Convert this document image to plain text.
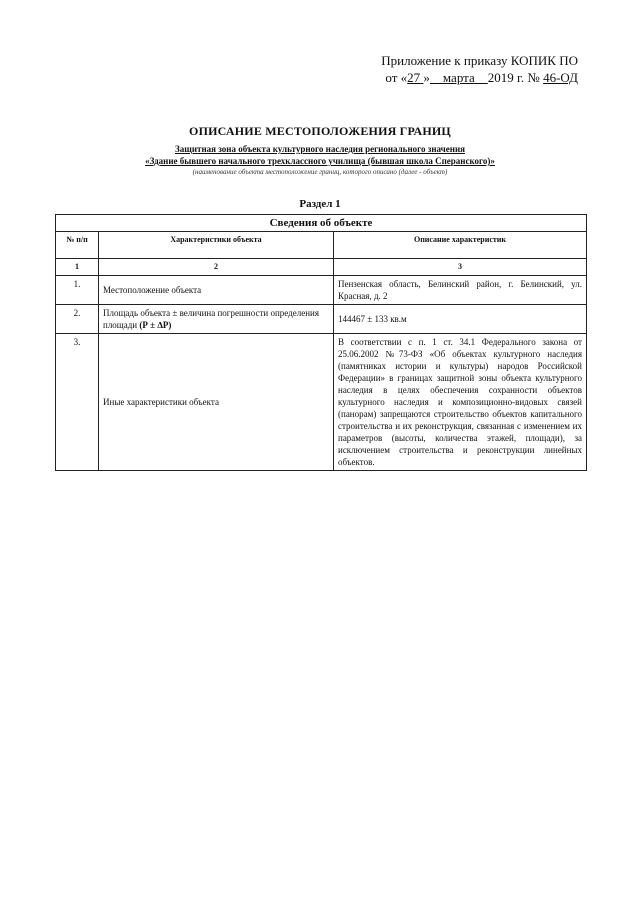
Приложение к приказу КОПИК ПО
от «27 » марта 2019 г. № 46-ОД
ОПИСАНИЕ МЕСТОПОЛОЖЕНИЯ ГРАНИЦ
Защитная зона объекта культурного наследия регионального значения
«Здание бывшего начального трехклассного училища (бывшая школа Сперанского)»
(наименование объекта местоположение границ, которого описано (далее - объект)
Раздел 1
Сведения об объекте		
№ п/п	Характеристики объекта	Описание характеристик
1	2	3
1.	Местоположение объекта	Пензенская область, Белинский район, г. Белинский, ул. Красная, д. 2
2.	Площадь объекта ± величина погрешности определения площади (Р ± ∆Р)	144467 ± 133 кв.м
3.	Иные характеристики объекта	В соответствии с п. 1 ст. 34.1 Федерального закона от 25.06.2002 №73-ФЗ «Об объектах культурного наследия (памятниках истории и культуры) народов Российской Федерации» в границах защитной зоны объекта культурного наследия в целях обеспечения сохранности объектов культурного наследия и композиционно-видовых связей (панорам) запрещаются строительство объектов капитального строительства и их реконструкция, связанная с изменением их параметров (высоты, количества этажей, площади), за исключением строительства и реконструкции линейных объектов.
